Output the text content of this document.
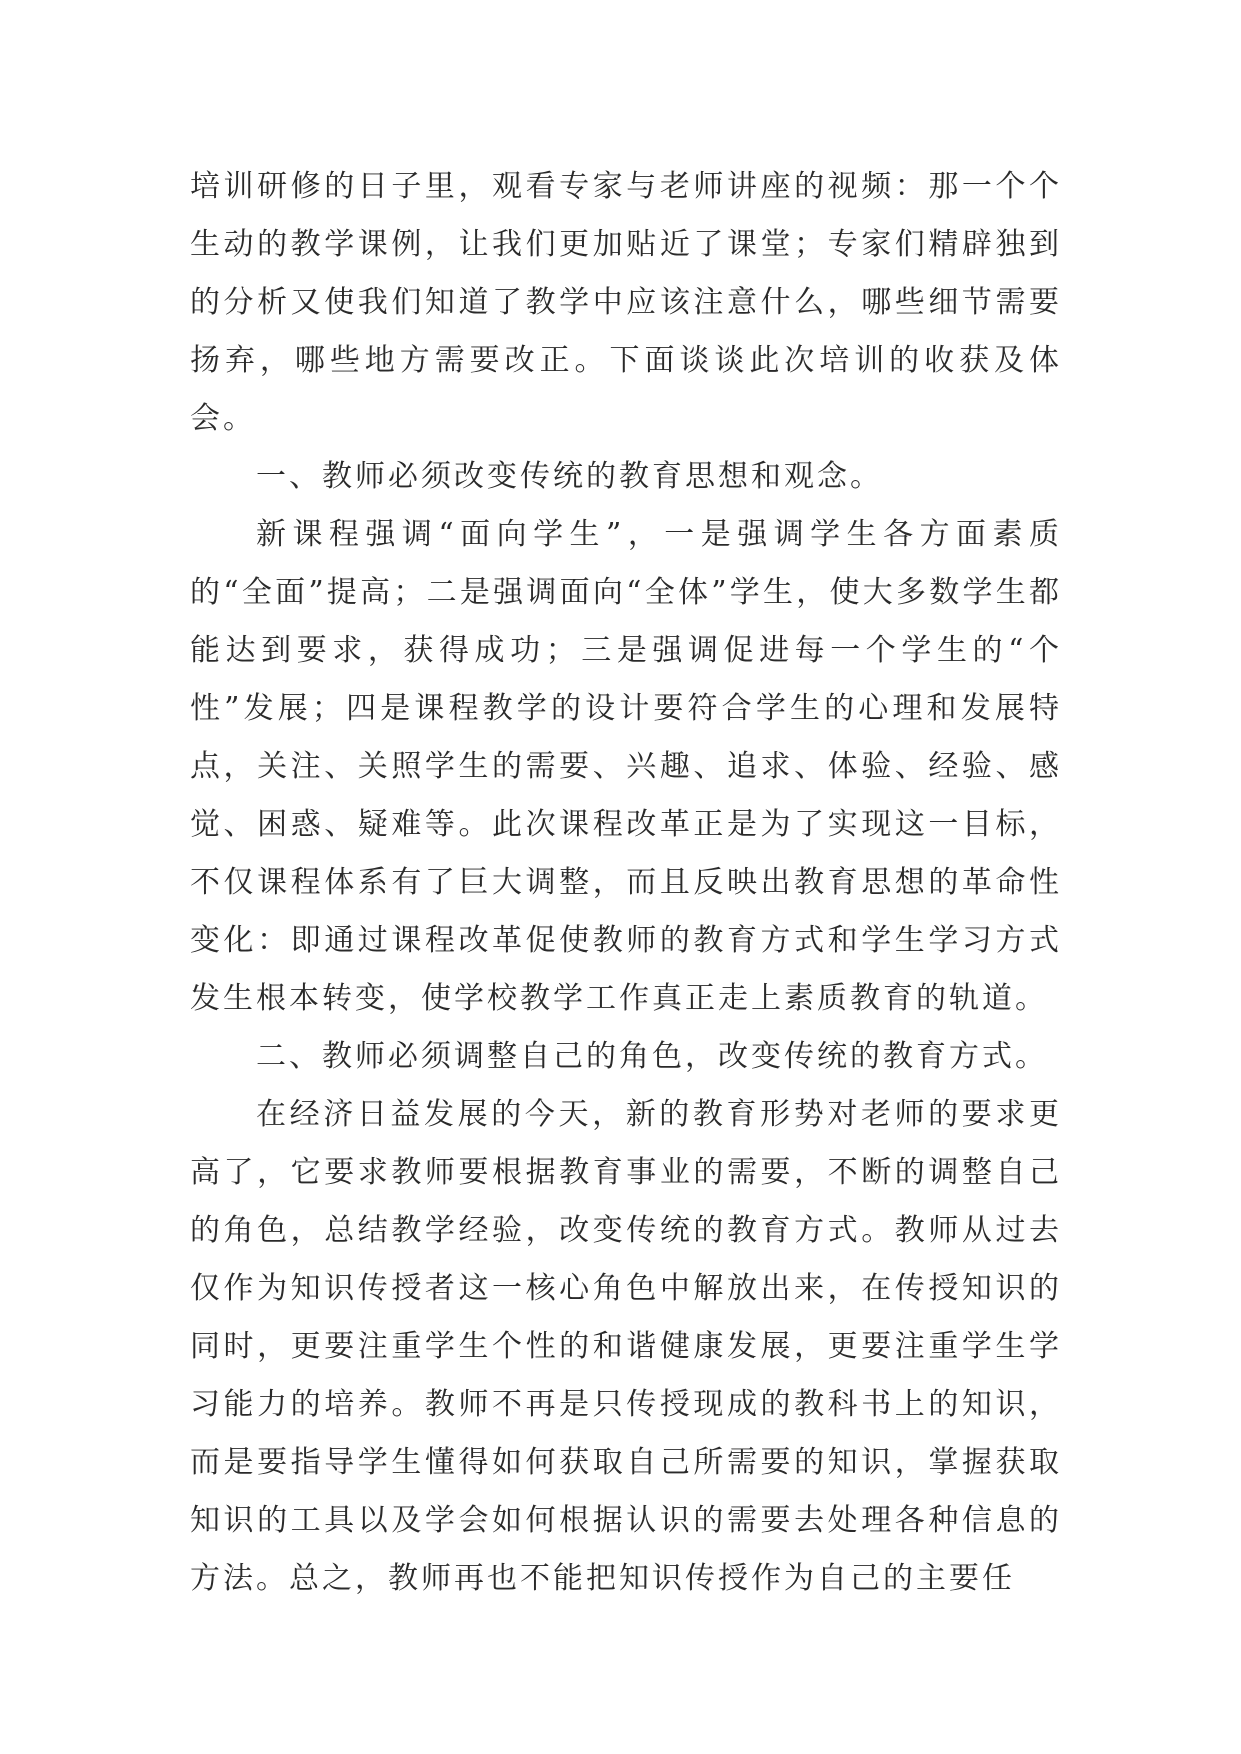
培训研修的日子里，观看专家与老师讲座的视频：那一个个生动的教学课例，让我们更加贴近了课堂；专家们精辟独到的分析又使我们知道了教学中应该注意什么，哪些细节需要扬弃，哪些地方需要改正。下面谈谈此次培训的收获及体会。

一、教师必须改变传统的教育思想和观念。

新课程强调“面向学生”，一是强调学生各方面素质的“全面”提高；二是强调面向“全体”学生，使大多数学生都能达到要求，获得成功；三是强调促进每一个学生的“个性”发展；四是课程教学的设计要符合学生的心理和发展特点，关注、关照学生的需要、兴趣、追求、体验、经验、感觉、困惑、疑难等。此次课程改革正是为了实现这一目标，不仅课程体系有了巨大调整，而且反映出教育思想的革命性变化：即通过课程改革促使教师的教育方式和学生学习方式发生根本转变，使学校教学工作真正走上素质教育的轨道。

二、教师必须调整自己的角色，改变传统的教育方式。

在经济日益发展的今天，新的教育形势对老师的要求更高了，它要求教师要根据教育事业的需要，不断的调整自己的角色，总结教学经验，改变传统的教育方式。教师从过去仅作为知识传授者这一核心角色中解放出来，在传授知识的同时，更要注重学生个性的和谐健康发展，更要注重学生学习能力的培养。教师不再是只传授现成的教科书上的知识，而是要指导学生懂得如何获取自己所需要的知识，掌握获取知识的工具以及学会如何根据认识的需要去处理各种信息的方法。总之，教师再也不能把知识传授作为自己的主要任
